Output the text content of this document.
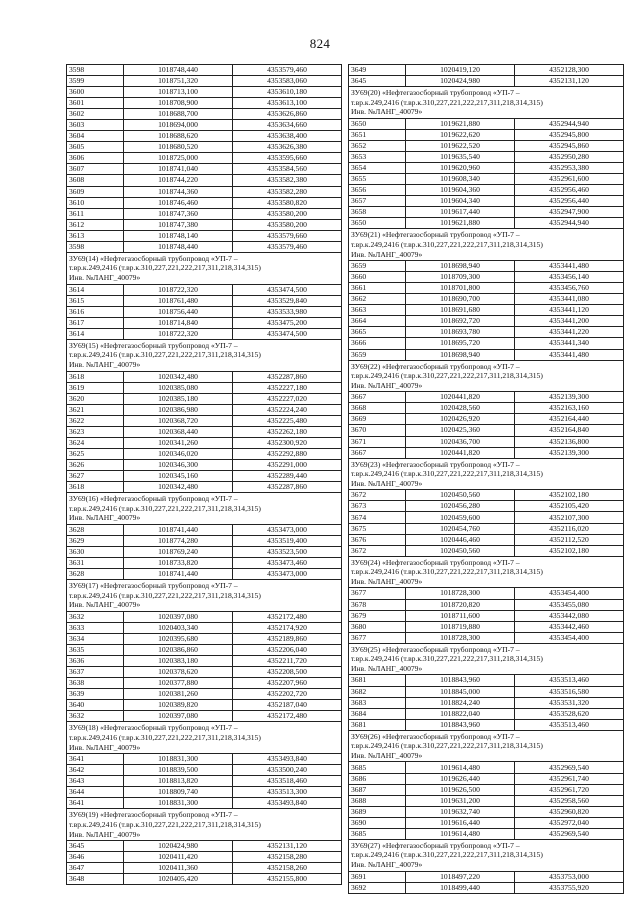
824
3598	1018748,440	4353579,460
3599	1018751,320	4353583,060
3600	1018713,100	4353610,180
3601	1018708,900	4353613,100
3602	1018688,700	4353626,860
3603	1018694,000	4353634,660
3604	1018688,620	4353638,400
3605	1018680,520	4353626,380
3606	1018725,000	4353595,660
3607	1018741,040	4353584,560
3608	1018744,220	4353582,380
3609	1018744,360	4353582,280
3610	1018746,460	4353580,820
3611	1018747,360	4353580,200
3612	1018747,380	4353580,200
3613	1018748,140	4353579,660
3598	1018748,440	4353579,460

ЗУ69(14) «Нефтегазосборный трубопровод «УП-7 –
т.вр.к.249,2416 (т.вр.к.310,227,221,222,217,311,218,314,315)
Инв. №ЛАНГ_40079»		

3614	1018722,320	4353474,500
3615	1018761,480	4353529,840
3616	1018756,440	4353533,980
3617	1018714,840	4353475,200
3614	1018722,320	4353474,500

ЗУ69(15) «Нефтегазосборный трубопровод «УП-7 –
т.вр.к.249,2416 (т.вр.к.310,227,221,222,217,311,218,314,315)
Инв. №ЛАНГ_40079»		

3618	1020342,480	4352287,860
3619	1020385,080	4352227,180
3620	1020385,180	4352227,020
3621	1020386,980	4352224,240
3622	1020368,720	4352225,480
3623	1020368,440	4352262,180
3624	1020341,260	4352300,920
3625	1020346,020	4352292,880
3626	1020346,300	4352291,000
3627	1020345,160	4352289,440
3618	1020342,480	4352287,860

ЗУ69(16) «Нефтегазосборный трубопровод «УП-7 –
т.вр.к.249,2416 (т.вр.к.310,227,221,222,217,311,218,314,315)
Инв. №ЛАНГ_40079»		

3628	1018741,440	4353473,000
3629	1018774,280	4353519,400
3630	1018769,240	4353523,500
3631	1018733,820	4353473,460
3628	1018741,440	4353473,000

ЗУ69(17) «Нефтегазосборный трубопровод «УП-7 –
т.вр.к.249,2416 (т.вр.к.310,227,221,222,217,311,218,314,315)
Инв. №ЛАНГ_40079»		

3632	1020397,080	4352172,480
3633	1020403,340	4352174,920
3634	1020395,680	4352189,860
3635	1020386,860	4352206,040
3636	1020383,180	4352211,720
3637	1020378,620	4352208,500
3638	1020377,880	4352207,960
3639	1020381,260	4352202,720
3640	1020389,820	4352187,040
3632	1020397,080	4352172,480

ЗУ69(18) «Нефтегазосборный трубопровод «УП-7 –
т.вр.к.249,2416 (т.вр.к.310,227,221,222,217,311,218,314,315)
Инв. №ЛАНГ_40079»		

3641	1018831,300	4353493,840
3642	1018839,500	4353500,240
3643	1018813,820	4353518,460
3644	1018809,740	4353513,300
3641	1018831,300	4353493,840

ЗУ69(19) «Нефтегазосборный трубопровод «УП-7 –
т.вр.к.249,2416 (т.вр.к.310,227,221,222,217,311,218,314,315)
Инв. №ЛАНГ_40079»		

3645	1020424,980	4352131,120
3646	1020411,420	4352158,280
3647	1020411,360	4352158,260
3648	1020405,420	4352155,800
3649	1020419,120	4352128,300
3645	1020424,980	4352131,120

ЗУ69(20) «Нефтегазосборный трубопровод «УП-7 –
т.вр.к.249,2416 (т.вр.к.310,227,221,222,217,311,218,314,315)
Инв. №ЛАНГ_40079»		

3650	1019621,880	4352944,940
3651	1019622,620	4352945,800
3652	1019622,520	4352945,860
3653	1019635,540	4352950,280
3654	1019620,960	4352953,380
3655	1019608,340	4352961,600
3656	1019604,360	4352956,460
3657	1019604,340	4352956,440
3658	1019617,440	4352947,900
3650	1019621,880	4352944,940

ЗУ69(21) «Нефтегазосборный трубопровод «УП-7 –
т.вр.к.249,2416 (т.вр.к.310,227,221,222,217,311,218,314,315)
Инв. №ЛАНГ_40079»		

3659	1018698,940	4353441,480
3660	1018709,300	4353456,140
3661	1018701,800	4353456,760
3662	1018690,700	4353441,080
3663	1018691,680	4353441,120
3664	1018692,720	4353441,200
3665	1018693,780	4353441,220
3666	1018695,720	4353441,340
3659	1018698,940	4353441,480

ЗУ69(22) «Нефтегазосборный трубопровод «УП-7 –
т.вр.к.249,2416 (т.вр.к.310,227,221,222,217,311,218,314,315)
Инв. №ЛАНГ_40079»		

3667	1020441,820	4352139,300
3668	1020428,560	4352163,160
3669	1020426,920	4352164,440
3670	1020425,360	4352164,840
3671	1020436,700	4352136,800
3667	1020441,820	4352139,300

ЗУ69(23) «Нефтегазосборный трубопровод «УП-7 –
т.вр.к.249,2416 (т.вр.к.310,227,221,222,217,311,218,314,315)
Инв. №ЛАНГ_40079»		

3672	1020450,560	4352102,180
3673	1020456,280	4352105,420
3674	1020459,600	4352107,300
3675	1020454,760	4352116,020
3676	1020446,460	4352112,520
3672	1020450,560	4352102,180

ЗУ69(24) «Нефтегазосборный трубопровод «УП-7 –
т.вр.к.249,2416 (т.вр.к.310,227,221,222,217,311,218,314,315)
Инв. №ЛАНГ_40079»		

3677	1018728,300	4353454,400
3678	1018720,820	4353455,080
3679	1018711,600	4353442,080
3680	1018719,880	4353442,460
3677	1018728,300	4353454,400

ЗУ69(25) «Нефтегазосборный трубопровод «УП-7 –
т.вр.к.249,2416 (т.вр.к.310,227,221,222,217,311,218,314,315)
Инв. №ЛАНГ_40079»		

3681	1018843,960	4353513,460
3682	1018845,000	4353516,580
3683	1018824,240	4353531,320
3684	1018822,040	4353528,620
3681	1018843,960	4353513,460

ЗУ69(26) «Нефтегазосборный трубопровод «УП-7 –
т.вр.к.249,2416 (т.вр.к.310,227,221,222,217,311,218,314,315)
Инв. №ЛАНГ_40079»		

3685	1019614,480	4352969,540
3686	1019626,440	4352961,740
3687	1019626,500	4352961,720
3688	1019631,200	4352958,560
3689	1019632,740	4352960,820
3690	1019616,440	4352972,040
3685	1019614,480	4352969,540

ЗУ69(27) «Нефтегазосборный трубопровод «УП-7 –
т.вр.к.249,2416 (т.вр.к.310,227,221,222,217,311,218,314,315)
Инв. №ЛАНГ_40079»		

3691	1018497,220	4353753,000
3692	1018499,440	4353755,920
